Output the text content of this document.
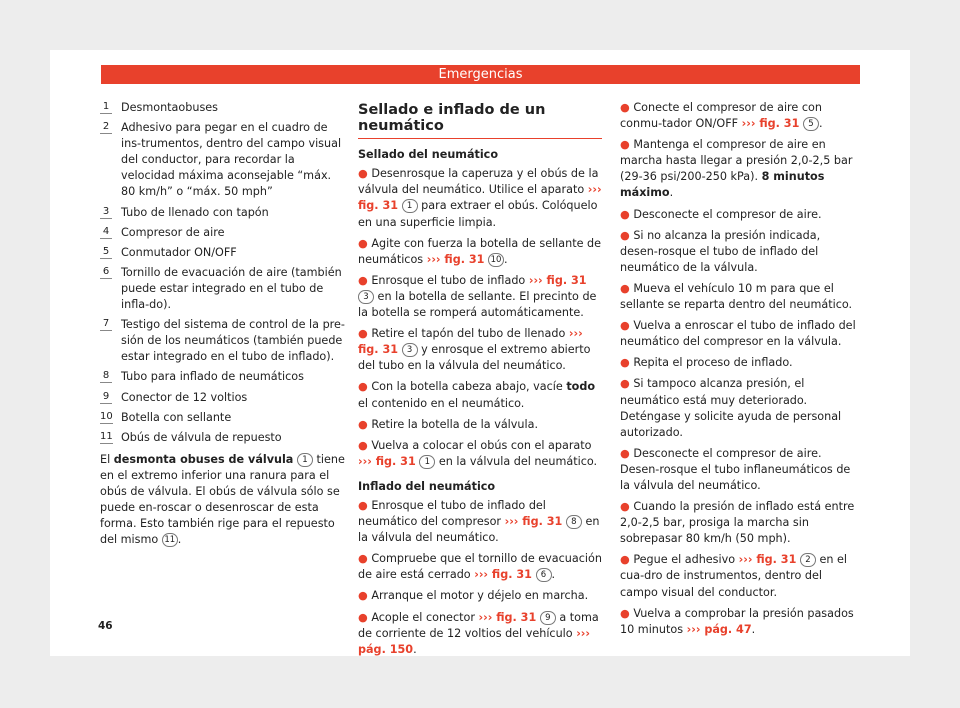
Emergencias
1 Desmontaobuses
2 Adhesivo para pegar en el cuadro de ins-trumentos, dentro del campo visual del conductor, para recordar la velocidad máxima aconsejable “máx. 80 km/h” o “máx. 50 mph”
3 Tubo de llenado con tapón
4 Compresor de aire
5 Conmutador ON/OFF
6 Tornillo de evacuación de aire (también puede estar integrado en el tubo de infla-do).
7 Testigo del sistema de control de la pre-sión de los neumáticos (también puede estar integrado en el tubo de inflado).
8 Tubo para inflado de neumáticos
9 Conector de 12 voltios
10 Botella con sellante
11 Obús de válvula de repuesto
El desmonta obuses de válvula 1 tiene en el extremo inferior una ranura para el obús de válvula. El obús de válvula sólo se puede en-roscar o desenroscar de esta forma. Esto también rige para el repuesto del mismo 11 .
Sellado e inflado de un neumático
Sellado del neumático
● Desenrosque la caperuza y el obús de la válvula del neumático. Utilice el aparato ››› fig. 31 1 para extraer el obús. Colóquelo en una superficie limpia.
● Agite con fuerza la botella de sellante de neumáticos ››› fig. 31 10 .
● Enrosque el tubo de inflado ››› fig. 31 3 en la botella de sellante. El precinto de la botella se romperá automáticamente.
● Retire el tapón del tubo de llenado ››› fig. 31 3 y enrosque el extremo abierto del tubo en la válvula del neumático.
● Con la botella cabeza abajo, vacíe todo el contenido en el neumático.
● Retire la botella de la válvula.
● Vuelva a colocar el obús con el aparato ››› fig. 31 1 en la válvula del neumático.
Inflado del neumático
● Enrosque el tubo de inflado del neumático del compresor ››› fig. 31 8 en la válvula del neumático.
● Compruebe que el tornillo de evacuación de aire está cerrado ››› fig. 31 6 .
● Arranque el motor y déjelo en marcha.
● Acople el conector ››› fig. 31 9 a toma de corriente de 12 voltios del vehículo ››› pág. 150.
● Conecte el compresor de aire con conmu-tador ON/OFF ››› fig. 31 5 .
● Mantenga el compresor de aire en marcha hasta llegar a presión 2,0-2,5 bar (29-36 psi/200-250 kPa). 8 minutos máximo.
● Desconecte el compresor de aire.
● Si no alcanza la presión indicada, desen-rosque el tubo de inflado del neumático de la válvula.
● Mueva el vehículo 10 m para que el sellante se reparta dentro del neumático.
● Vuelva a enroscar el tubo de inflado del neumático del compresor en la válvula.
● Repita el proceso de inflado.
● Si tampoco alcanza presión, el neumático está muy deteriorado. Deténgase y solicite ayuda de personal autorizado.
● Desconecte el compresor de aire. Desen-rosque el tubo inflaneumáticos de la válvula del neumático.
● Cuando la presión de inflado está entre 2,0-2,5 bar, prosiga la marcha sin sobrepasar 80 km/h (50 mph).
● Pegue el adhesivo ››› fig. 31 2 en el cua-dro de instrumentos, dentro del campo visual del conductor.
● Vuelva a comprobar la presión pasados 10 minutos ››› pág. 47.
46
